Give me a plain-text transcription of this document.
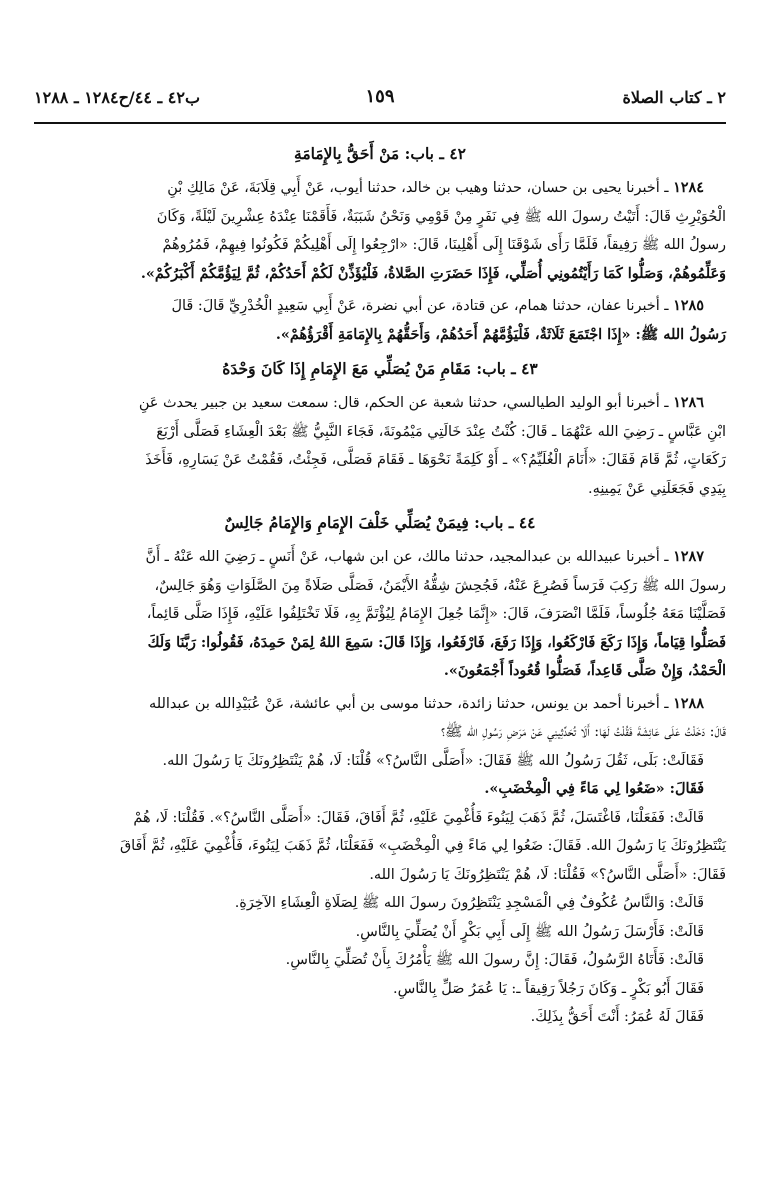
٢ ـ كتاب الصلاة
١٥٩
ب٤٢ ـ ٤٤/ح١٢٨٤ ـ ١٢٨٨
٤٢ ـ باب: مَنْ أَحَقُّ بِالإِمَامَةِ

١٢٨٤ ـ أخبرنا يحيى بن حسان، حدثنا وهيب بن خالد، حدثنا أيوب، عَنْ أَبِي قِلَابَةَ، عَنْ مَالِكِ بْنِ

الْحُوَيْرِثِ قَالَ: أَتَيْتُ رسولَ الله ﷺ فِي نَفَرٍ مِنْ قَوْمِي وَنَحْنُ شَبَبَةٌ، فَأَقَمْنَا عِنْدَهُ عِشْرِينَ لَيْلَةً، وَكَانَ

رسولُ الله ﷺ رَفِيقاً، فَلَمَّا رَأَى شَوْقَنَا إِلَى أَهْلِينَا، قَالَ: «ارْجِعُوا إِلَى أَهْلِيكُمْ فَكُونُوا فِيهِمْ، فَمُرُوهُمْ

وَعَلِّمُوهُمْ، وَصَلُّوا كَمَا رَأَيْتُمُونِي أُصَلِّي، فَإِذَا حَضَرَتِ الصَّلاةُ، فَلْيُؤَذِّنْ لَكُمْ أَحَدُكُمْ، ثُمَّ لِيَؤُمَّكُمْ أَكْبَرُكُمْ».

١٢٨٥ ـ أخبرنا عفان، حدثنا همام، عن قتادة، عن أبي نضرة، عَنْ أَبِي سَعِيدٍ الْخُدْرِيِّ قَالَ: قَالَ

رَسُولُ الله ﷺ: «إِذَا اجْتَمَعَ ثَلَاثَةٌ، فَلْيَؤُمَّهُمْ أَحَدُهُمْ، وَأَحَقُّهُمْ بِالإِمَامَةِ أَقْرَؤُهُمْ».

٤٣ ـ باب: مَقَامِ مَنْ يُصَلِّي مَعَ الإِمَامِ إِذَا كَانَ وَحْدَهُ

١٢٨٦ ـ أخبرنا أبو الوليد الطيالسي، حدثنا شعبة عن الحكم، قال: سمعت سعيد بن جبير يحدث عَنِ

ابْنِ عَبَّاسٍ ـ رَضِيَ الله عَنْهُمَا ـ قَالَ: كُنْتُ عِنْدَ خَالَتِي مَيْمُونَةَ، فَجَاءَ النَّبِيُّ ﷺ بَعْدَ الْعِشَاءِ فَصَلَّى أَرْبَعَ

رَكَعَاتٍ، ثُمَّ قَامَ فَقَالَ: «أَنَامَ الْغُلَيِّمُ؟» ـ أَوْ كَلِمَةً نَحْوَهَا ـ فَقَامَ فَصَلَّى، فَجِئْتُ، فَقُمْتُ عَنْ يَسَارِهِ، فَأَخَذَ

بِيَدِي فَجَعَلَنِي عَنْ يَمِينِهِ.

٤٤ ـ باب: فِيمَنْ يُصَلِّي خَلْفَ الإِمَامِ وَالإِمَامُ جَالِسٌ

١٢٨٧ ـ أخبرنا عبيدالله بن عبدالمجيد، حدثنا مالك، عن ابن شهاب، عَنْ أَنَسٍ ـ رَضِيَ الله عَنْهُ ـ أَنَّ

رسولَ الله ﷺ رَكِبَ فَرَساً فَصُرِعَ عَنْهُ، فَجُحِشَ شِقُّهُ الأَيْمَنُ، فَصَلَّى صَلَاةً مِنَ الصَّلَوَاتِ وَهُوَ جَالِسٌ،

فَصَلَّيْنَا مَعَهُ جُلُوساً، فَلَمَّا انْصَرَفَ، قَالَ: «إِنَّمَا جُعِلَ الإِمَامُ لِيُؤْتَمَّ بِهِ، فَلَا تَخْتَلِفُوا عَلَيْهِ، فَإِذَا صَلَّى قَائِماً،

فَصَلُّوا قِيَاماً، وَإِذَا رَكَعَ فَارْكَعُوا، وَإِذَا رَفَعَ، فَارْفَعُوا، وَإِذَا قَالَ: سَمِعَ اللهُ لِمَنْ حَمِدَهُ، فَقُولُوا: رَبَّنَا وَلَكَ

الْحَمْدُ، وَإِنْ صَلَّى قَاعِداً، فَصَلُّوا قُعُوداً أَجْمَعُونَ».

١٢٨٨ ـ أخبرنا أحمد بن يونس، حدثنا زائدة، حدثنا موسى بن أبي عائشة، عَنْ عُبَيْدِالله بن عبدالله

قَالَ: دَخَلْتُ عَلَى عَائِشَةَ فَقُلْتُ لَهَا: أَلَا تُحَدِّثِينِي عَنْ مَرَضِ رَسُولِ الله ﷺ؟

فَقَالَتْ: بَلَى، ثَقُلَ رَسُولُ الله ﷺ فَقَالَ: «أَصَلَّى النَّاسُ؟» قُلْنَا: لَا، هُمْ يَنْتَظِرُونَكَ يَا رَسُولَ الله.

فَقَالَ: «ضَعُوا لِي مَاءً فِي الْمِخْضَبِ».

قَالَتْ: فَفَعَلْنَا، فَاغْتَسَلَ، ثُمَّ ذَهَبَ لِيَنُوءَ فَأُغْمِيَ عَلَيْهِ، ثُمَّ أَفَاقَ، فَقَالَ: «أَصَلَّى النَّاسُ؟». فَقُلْنَا: لَا، هُمْ

يَنْتَظِرُونَكَ يَا رَسُولَ الله. فَقَالَ: ضَعُوا لِي مَاءً فِي الْمِخْضَبِ» فَفَعَلْنَا، ثُمَّ ذَهَبَ لِيَنُوءَ، فَأُغْمِيَ عَلَيْهِ، ثُمَّ أَفَاقَ

فَقَالَ: «أَصَلَّى النَّاسُ؟» فَقُلْنَا: لَا، هُمْ يَنْتَظِرُونَكَ يَا رَسُولَ الله.

قَالَتْ: وَالنَّاسُ عُكُوفٌ فِي الْمَسْجِدِ يَنْتَظِرُونَ رسولَ الله ﷺ لِصَلَاةِ الْعِشَاءِ الآخِرَةِ.

قَالَتْ: فَأَرْسَلَ رَسُولُ الله ﷺ إِلَى أَبِي بَكْرٍ أَنْ يُصَلِّيَ بِالنَّاسِ.

قَالَتْ: فَأَتَاهُ الرَّسُولُ، فَقَالَ: إِنَّ رسولَ الله ﷺ يَأْمُرُكَ بِأَنْ تُصَلِّيَ بِالنَّاسِ.

فَقَالَ أَبُو بَكْرٍ ـ وَكَانَ رَجُلاً رَقِيقاً ـ: يَا عُمَرُ صَلِّ بِالنَّاسِ.

فَقَالَ لَهُ عُمَرُ: أَنْتَ أَحَقُّ بِذَلِكَ.
